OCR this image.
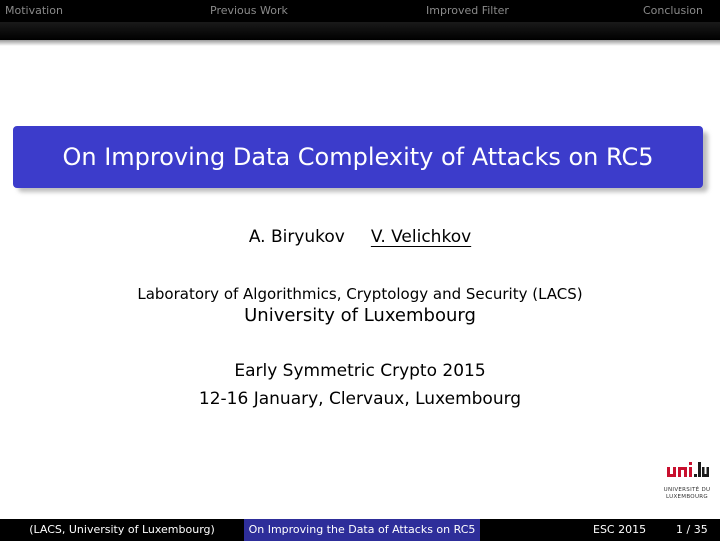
Motivation	Previous Work	Improved Filter	Conclusion
On Improving Data Complexity of Attacks on RC5
A. Biryukov V. Velichkov
Laboratory of Algorithmics, Cryptology and Security (LACS)
University of Luxembourg
Early Symmetric Crypto 2015
12-16 January, Clervaux, Luxembourg
UNIVERSITÉ DU
LUXEMBOURG
(LACS, University of Luxembourg)	On Improving the Data of Attacks on RC5	ESC 2015	1 / 35
